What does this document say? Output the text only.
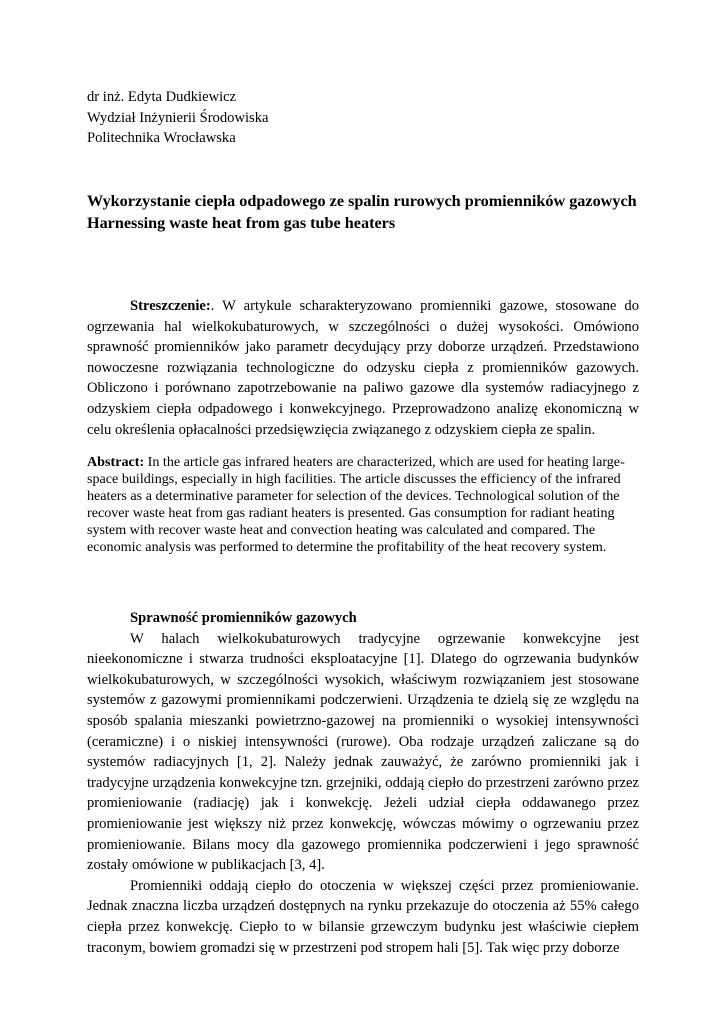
dr inż. Edyta Dudkiewicz
Wydział Inżynierii Środowiska
Politechnika Wrocławska
Wykorzystanie ciepła odpadowego ze spalin rurowych promienników gazowych
Harnessing waste heat from gas tube heaters
Streszczenie:. W artykule scharakteryzowano promienniki gazowe, stosowane do ogrzewania hal wielkokubaturowych, w szczególności o dużej wysokości. Omówiono sprawność promienników jako parametr decydujący przy doborze urządzeń. Przedstawiono nowoczesne rozwiązania technologiczne do odzysku ciepła z promienników gazowych. Obliczono i porównano zapotrzebowanie na paliwo gazowe dla systemów radiacyjnego z odzyskiem ciepła odpadowego i konwekcyjnego. Przeprowadzono analizę ekonomiczną w celu określenia opłacalności przedsięwzięcia związanego z odzyskiem ciepła ze spalin.
Abstract: In the article gas infrared heaters are characterized, which are used for heating large-space buildings, especially in high facilities. The article discusses the efficiency of the infrared heaters as a determinative parameter for selection of the devices. Technological solution of the recover waste heat from gas radiant heaters is presented. Gas consumption for radiant heating system with recover waste heat and convection heating was calculated and compared. The economic analysis was performed to determine the profitability of the heat recovery system.
Sprawność promienników gazowych

W halach wielkokubaturowych tradycyjne ogrzewanie konwekcyjne jest nieekonomiczne i stwarza trudności eksploatacyjne [1]. Dlatego do ogrzewania budynków wielkokubaturowych, w szczególności wysokich, właściwym rozwiązaniem jest stosowane systemów z gazowymi promiennikami podczerwieni. Urządzenia te dzielą się ze względu na sposób spalania mieszanki powietrzno-gazowej na promienniki o wysokiej intensywności (ceramiczne) i o niskiej intensywności (rurowe). Oba rodzaje urządzeń zaliczane są do systemów radiacyjnych [1, 2]. Należy jednak zauważyć, że zarówno promienniki jak i tradycyjne urządzenia konwekcyjne tzn. grzejniki, oddają ciepło do przestrzeni zarówno przez promieniowanie (radiację) jak i konwekcję. Jeżeli udział ciepła oddawanego przez promieniowanie jest większy niż przez konwekcję, wówczas mówimy o ogrzewaniu przez promieniowanie. Bilans mocy dla gazowego promiennika podczerwieni i jego sprawność zostały omówione w publikacjach [3, 4].

Promienniki oddają ciepło do otoczenia w większej części przez promieniowanie. Jednak znaczna liczba urządzeń dostępnych na rynku przekazuje do otoczenia aż 55% całego ciepła przez konwekcję. Ciepło to w bilansie grzewczym budynku jest właściwie ciepłem traconym, bowiem gromadzi się w przestrzeni pod stropem hali [5]. Tak więc przy doborze
